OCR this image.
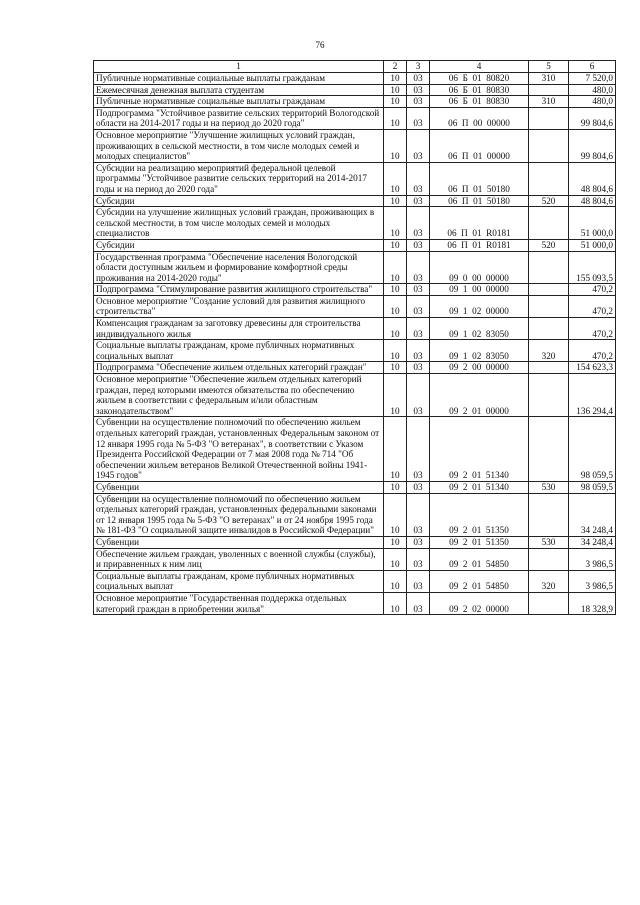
76
1	2	3	4	5	6
Публичные нормативные социальные выплаты гражданам	10	03	06  Б  01  80820	310	7 520,0
Ежемесячная денежная выплата студентам	10	03	06  Б  01  80830		480,0
Публичные нормативные социальные выплаты гражданам	10	03	06  Б  01  80830	310	480,0
Подпрограмма "Устойчивое развитие сельских территорий Вологодской области на 2014-2017 годы и на период до 2020 года"	10	03	06  П  00  00000		99 804,6
Основное мероприятие "Улучшение жилищных условий граждан, проживающих в сельской местности, в том числе молодых семей и молодых специалистов"	10	03	06  П  01  00000		99 804,6
Субсидии на реализацию мероприятий федеральной целевой программы "Устойчивое развитие сельских территорий на 2014-2017 годы и на период до 2020 года"	10	03	06  П  01  50180		48 804,6
Субсидии	10	03	06  П  01  50180	520	48 804,6
Субсидии на улучшение жилищных условий граждан, проживающих в сельской местности, в том числе молодых семей и молодых специалистов	10	03	06  П  01  R0181		51 000,0
Субсидии	10	03	06  П  01  R0181	520	51 000,0
Государственная программа "Обеспечение населения Вологодской области доступным жильем и формирование комфортной среды проживания на 2014-2020 годы"	10	03	09  0  00  00000		155 093,5
Подпрограмма "Стимулирование развития жилищного строительства"	10	03	09  1  00  00000		470,2
Основное мероприятие "Создание условий для развития жилищного строительства"	10	03	09  1  02  00000		470,2
Компенсация гражданам за заготовку древесины для строительства индивидуального жилья	10	03	09  1  02  83050		470,2
Социальные выплаты гражданам, кроме публичных нормативных социальных выплат	10	03	09  1  02  83050	320	470,2
Подпрограмма "Обеспечение жильем отдельных категорий граждан"	10	03	09  2  00  00000		154 623,3
Основное мероприятие "Обеспечение жильем отдельных категорий граждан, перед которыми имеются обязательства по обеспечению жильем в соответствии с федеральным и/или областным законодательством"	10	03	09  2  01  00000		136 294,4
Субвенции на осуществление полномочий по обеспечению жильем отдельных категорий граждан, установленных Федеральным законом от 12 января 1995 года № 5-ФЗ "О ветеранах", в соответствии с Указом Президента Российской Федерации от 7 мая 2008 года № 714 "Об обеспечении жильем ветеранов Великой Отечественной войны 1941-1945 годов"	10	03	09  2  01  51340		98 059,5
Субвенции	10	03	09  2  01  51340	530	98 059,5
Субвенции на осуществление полномочий по обеспечению жильем отдельных категорий граждан, установленных федеральными законами от 12 января 1995 года № 5-ФЗ "О ветеранах" и от 24 ноября 1995 года № 181-ФЗ "О социальной защите инвалидов в Российской Федерации"	10	03	09  2  01  51350		34 248,4
Субвенции	10	03	09  2  01  51350	530	34 248,4
Обеспечение жильем граждан, уволенных с военной службы (службы), и приравненных к ним лиц	10	03	09  2  01  54850		3 986,5
Социальные выплаты гражданам, кроме публичных нормативных социальных выплат	10	03	09  2  01  54850	320	3 986,5
Основное мероприятие "Государственная поддержка отдельных категорий граждан в приобретении жилья"	10	03	09  2  02  00000		18 328,9
